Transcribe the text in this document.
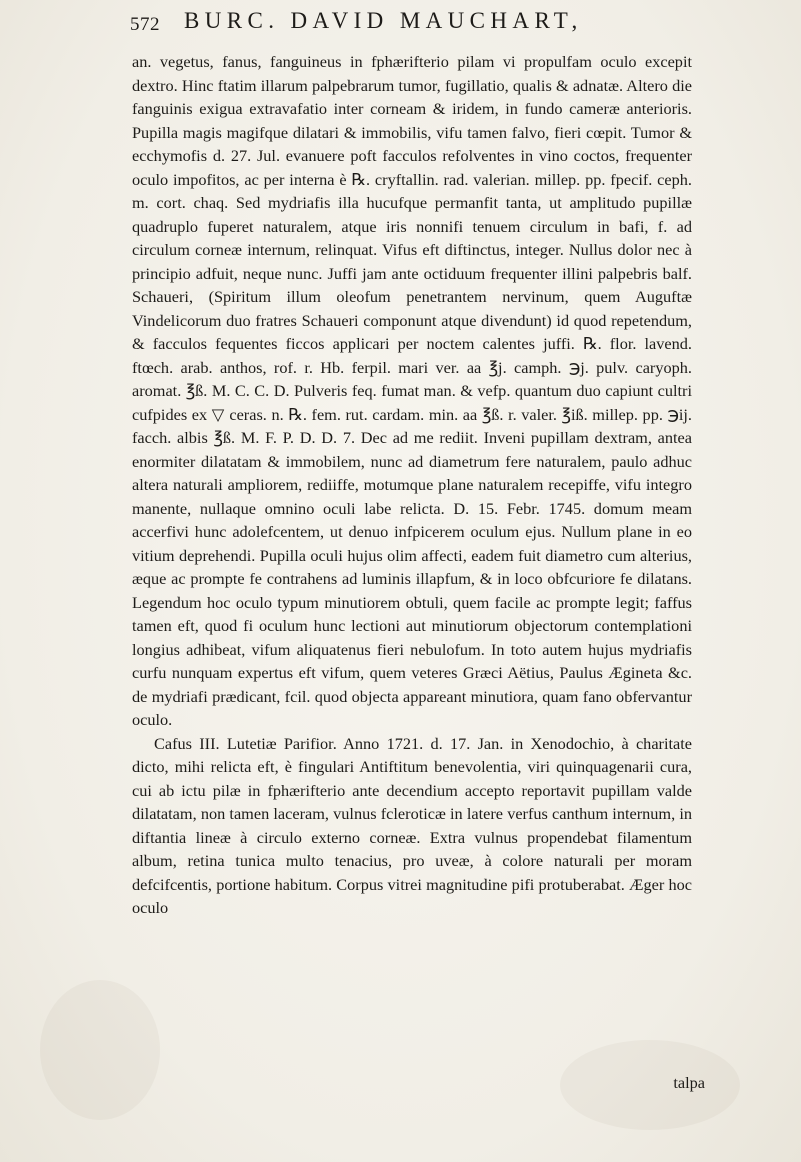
572 BURC. DAVID MAUCHART,

an. vegetus, fanus, fanguineus in fphærifterio pilam vi propulfam oculo excepit dextro. Hinc ftatim illarum palpebrarum tumor, fugillatio, qualis & adnatæ. Altero die fanguinis exigua extravafatio inter corneam & iridem, in fundo cameræ anterioris. Pupilla magis magifque dilatari & immobilis, vifu tamen falvo, fieri cœpit. Tumor & ecchymofis d. 27. Jul. evanuere poft facculos refolventes in vino coctos, frequenter oculo impofitos, ac per interna è ℞. cryftallin. rad. valerian. millep. pp. fpecif. ceph. m. cort. chaq. Sed mydriafis illa hucufque permanfit tanta, ut amplitudo pupillæ quadruplo fuperet naturalem, atque iris nonnifi tenuem circulum in bafi, f. ad circulum corneæ internum, relinquat. Vifus eft diftinctus, integer. Nullus dolor nec à principio adfuit, neque nunc. Juffi jam ante octiduum frequenter illini palpebris balf. Schaueri, (Spiritum illum oleofum penetrantem nervinum, quem Auguftæ Vindelicorum duo fratres Schaueri componunt atque divendunt) id quod repetendum, & facculos fequentes ficcos applicari per noctem calentes juffi. ℞. flor. lavend. ftœch. arab. anthos, rof. r. Hb. ferpil. mari ver. aa ℥j. camph. ℈j. pulv. caryoph. aromat. ℥ß. M. C. C. D. Pulveris feq. fumat man. & vefp. quantum duo capiunt cultri cufpides ex ▽ ceras. n. ℞. fem. rut. cardam. min. aa ℥ß. r. valer. ℥iß. millep. pp. ℈ij. facch. albis ℥ß. M. F. P. D. D. 7. Dec ad me rediit. Inveni pupillam dextram, antea enormiter dilatatam & immobilem, nunc ad diametrum fere naturalem, paulo adhuc altera naturali ampliorem, rediiffe, motumque plane naturalem recepiffe, vifu integro manente, nullaque omnino oculi labe relicta. D. 15. Febr. 1745. domum meam accerfivi hunc adolefcentem, ut denuo infpicerem oculum ejus. Nullum plane in eo vitium deprehendi. Pupilla oculi hujus olim affecti, eadem fuit diametro cum alterius, æque ac prompte fe contrahens ad luminis illapfum, & in loco obfcuriore fe dilatans. Legendum hoc oculo typum minutiorem obtuli, quem facile ac prompte legit; faffus tamen eft, quod fi oculum hunc lectioni aut minutiorum objectorum contemplationi longius adhibeat, vifum aliquatenus fieri nebulofum. In toto autem hujus mydriafis curfu nunquam expertus eft vifum, quem veteres Græci Aëtius, Paulus Ægineta &c. de mydriafi prædicant, fcil. quod objecta appareant minutiora, quam fano obfervantur oculo.

Cafus III. Lutetiæ Parifior. Anno 1721. d. 17. Jan. in Xenodochio, à charitate dicto, mihi relicta eft, è fingulari Antiftitum benevolentia, viri quinquagenarii cura, cui ab ictu pilæ in fphærifterio ante decendium accepto reportavit pupillam valde dilatatam, non tamen laceram, vulnus fcleroticæ in latere verfus canthum internum, in diftantia lineæ à circulo externo corneæ. Extra vulnus propendebat filamentum album, retina tunica multo tenacius, pro uveæ, à colore naturali per moram defcifcentis, portione habitum. Corpus vitrei magnitudine pifi protuberabat. Æger hoc oculo

talpa
